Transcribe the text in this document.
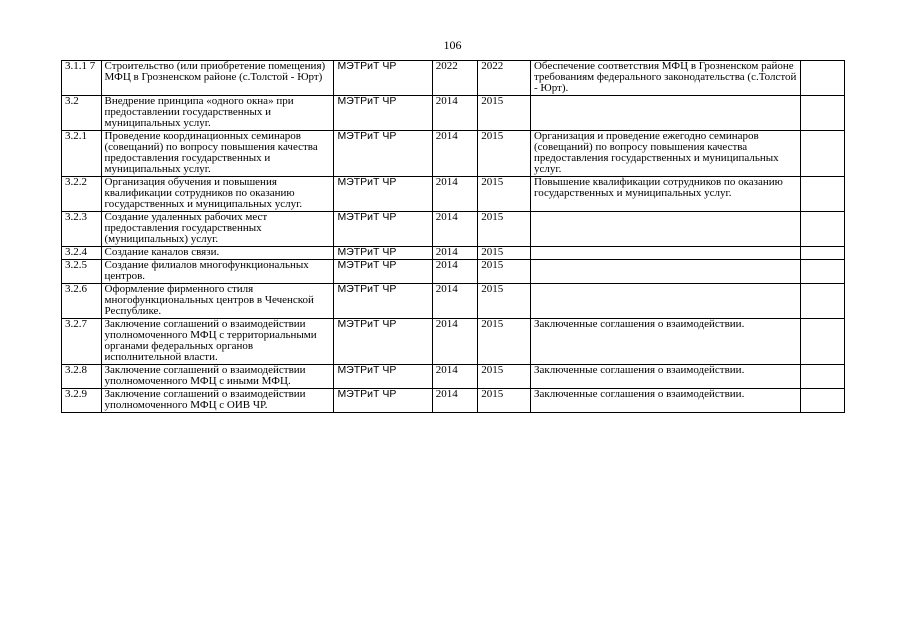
106
3.1.1 7	Строительство (или приобретение помещения) МФЦ в Грозненском районе (с.Толстой - Юрт)	МЭТРиТ ЧР	2022	2022	Обеспечение соответствия МФЦ в Грозненском районе требованиям федерального законодательства (с.Толстой - Юрт).	
3.2	Внедрение принципа «одного окна» при предоставлении государственных и муниципальных услуг.	МЭТРиТ ЧР	2014	2015		
3.2.1	Проведение координационных семинаров (совещаний) по вопросу повышения качества предоставления государственных и муниципальных услуг.	МЭТРиТ ЧР	2014	2015	Организация и проведение ежегодно семинаров (совещаний) по вопросу повышения качества предоставления государственных и муниципальных услуг.	
3.2.2	Организация обучения и повышения квалификации сотрудников по оказанию государственных и муниципальных услуг.	МЭТРиТ ЧР	2014	2015	Повышение квалификации сотрудников по оказанию государственных и муниципальных услуг.	
3.2.3	Создание удаленных рабочих мест предоставления государственных (муниципальных) услуг.	МЭТРиТ ЧР	2014	2015		
3.2.4	Создание каналов связи.	МЭТРиТ ЧР	2014	2015		
3.2.5	Создание филиалов многофункциональных центров.	МЭТРиТ ЧР	2014	2015		
3.2.6	Оформление фирменного стиля многофункциональных центров в Чеченской Республике.	МЭТРиТ ЧР	2014	2015		
3.2.7	Заключение соглашений о взаимодействии уполномоченного МФЦ с территориальными органами федеральных органов исполнительной власти.	МЭТРиТ ЧР	2014	2015	Заключенные соглашения о взаимодействии.	
3.2.8	Заключение соглашений о взаимодействии уполномоченного МФЦ с иными МФЦ.	МЭТРиТ ЧР	2014	2015	Заключенные соглашения о взаимодействии.	
3.2.9	Заключение соглашений о взаимодействии уполномоченного МФЦ с ОИВ ЧР.	МЭТРиТ ЧР	2014	2015	Заключенные соглашения о взаимодействии.	
